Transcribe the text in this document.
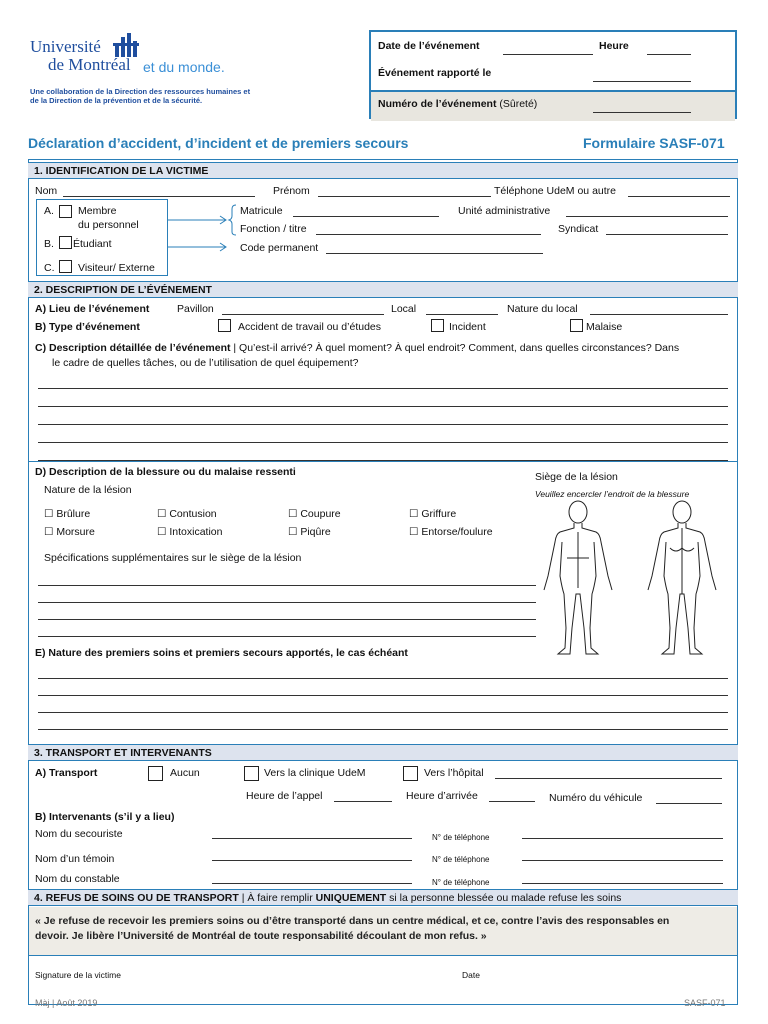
Université
de Montréal et du monde.
Une collaboration de la Direction des ressources humaines et de la Direction de la prévention et de la sécurité.
Date de l’événement	Heure
Événement rapporté le
Numéro de l’événement (Sûreté)
Déclaration d’accident, d’incident et de premiers secours	Formulaire SASF-071
1. IDENTIFICATION DE LA VICTIME
Nom	Prénom	Téléphone UdeM ou autre
A. Membre
du personnel
B. Étudiant
C. Visiteur/ Externe
Matricule	Unité administrative
Fonction / titre	Syndicat
Code permanent
2. DESCRIPTION DE L’ÉVÉNEMENT
A) Lieu de l’événement	Pavillon	Local	Nature du local
B) Type d’événement	Accident de travail ou d’études	Incident	Malaise
C) Description détaillée de l’événement | Qu’est-il arrivé? À quel moment? À quel endroit? Comment, dans quelles circonstances? Dans
le cadre de quelles tâches, ou de l’utilisation de quel équipement?
D) Description de la blessure ou du malaise ressenti
Nature de la lésion
Siège de la lésion
Veuillez encercler l’endroit de la blessure
☐ Brûlure	☐ Contusion	☐ Coupure	☐ Griffure
☐ Morsure	☐ Intoxication	☐ Piqûre	☐ Entorse/foulure
Spécifications supplémentaires sur le siège de la lésion
E) Nature des premiers soins et premiers secours apportés, le cas échéant
3. TRANSPORT ET INTERVENANTS
A) Transport	Aucun	Vers la clinique UdeM	Vers l’hôpital
Heure de l’appel	Heure d’arrivée	Numéro du véhicule
B) Intervenants (s’il y a lieu)
Nom du secouriste	N° de téléphone
Nom d’un témoin	N° de téléphone
Nom du constable	N° de téléphone
4. REFUS DE SOINS OU DE TRANSPORT | À faire remplir UNIQUEMENT si la personne blessée ou malade refuse les soins
« Je refuse de recevoir les premiers soins ou d’être transporté dans un centre médical, et ce, contre l’avis des responsables en
devoir. Je libère l’Université de Montréal de toute responsabilité découlant de mon refus. »
Signature de la victime	Date
Màj | Août 2019	SASF-071
